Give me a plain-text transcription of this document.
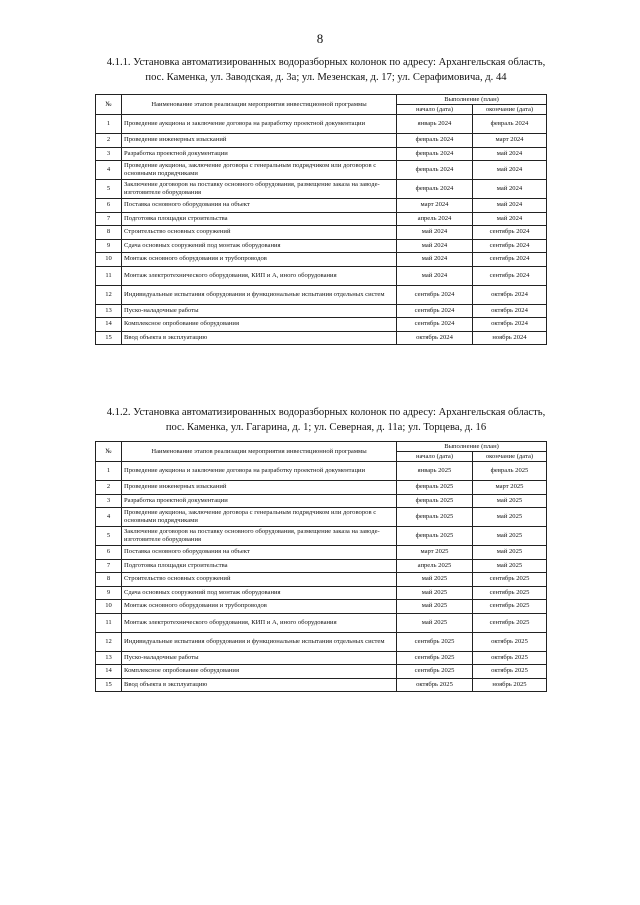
8
4.1.1. Установка автоматизированных водоразборных колонок по адресу: Архангельская область,
пос. Каменка, ул. Заводская, д. 3а; ул. Мезенская, д. 17; ул. Серафимовича, д. 44
№	Наименование этапов реализации мероприятия инвестиционной программы	Выполнение (план)	
		начало (дата)	окончание (дата)
1	Проведение аукциона и заключение договора на разработку проектной документации	январь 2024	февраль 2024
2	Проведение инженерных изысканий	февраль 2024	март 2024
3	Разработка проектной документации	февраль 2024	май 2024
4	Проведение аукциона, заключение договора с генеральным подрядчиком или договоров с основными подрядчиками	февраль 2024	май 2024
5	Заключение договоров на поставку основного оборудования, размещение заказа на заводе-изготовителе оборудования	февраль 2024	май 2024
6	Поставка основного оборудования на объект	март 2024	май 2024
7	Подготовка площадки строительства	апрель 2024	май 2024
8	Строительство основных сооружений	май 2024	сентябрь 2024
9	Сдача основных сооружений под монтаж оборудования	май 2024	сентябрь 2024
10	Монтаж основного оборудования и трубопроводов	май 2024	сентябрь 2024
11	Монтаж электротехнического оборудования, КИП и А, иного оборудования	май 2024	сентябрь 2024
12	Индивидуальные испытания оборудования и функциональные испытания отдельных систем	сентябрь 2024	октябрь 2024
13	Пуско-наладочные работы	сентябрь 2024	октябрь 2024
14	Комплексное опробование оборудования	сентябрь 2024	октябрь 2024
15	Ввод объекта в эксплуатацию	октябрь 2024	ноябрь 2024
4.1.2. Установка автоматизированных водоразборных колонок по адресу: Архангельская область,
пос. Каменка, ул. Гагарина, д. 1; ул. Северная, д. 11а; ул. Торцева, д. 16
№	Наименование этапов реализации мероприятия инвестиционной программы	Выполнение (план)	
		начало (дата)	окончание (дата)
1	Проведение аукциона и заключение договора на разработку проектной документации	январь 2025	февраль 2025
2	Проведение инженерных изысканий	февраль 2025	март 2025
3	Разработка проектной документации	февраль 2025	май 2025
4	Проведение аукциона, заключение договора с генеральным подрядчиком или договоров с основными подрядчиками	февраль 2025	май 2025
5	Заключение договоров на поставку основного оборудования, размещение заказа на заводе-изготовителе оборудования	февраль 2025	май 2025
6	Поставка основного оборудования на объект	март 2025	май 2025
7	Подготовка площадки строительства	апрель 2025	май 2025
8	Строительство основных сооружений	май 2025	сентябрь 2025
9	Сдача основных сооружений под монтаж оборудования	май 2025	сентябрь 2025
10	Монтаж основного оборудования и трубопроводов	май 2025	сентябрь 2025
11	Монтаж электротехнического оборудования, КИП и А, иного оборудования	май 2025	сентябрь 2025
12	Индивидуальные испытания оборудования и функциональные испытания отдельных систем	сентябрь 2025	октябрь 2025
13	Пуско-наладочные работы	сентябрь 2025	октябрь 2025
14	Комплексное опробование оборудования	сентябрь 2025	октябрь 2025
15	Ввод объекта в эксплуатацию	октябрь 2025	ноябрь 2025
